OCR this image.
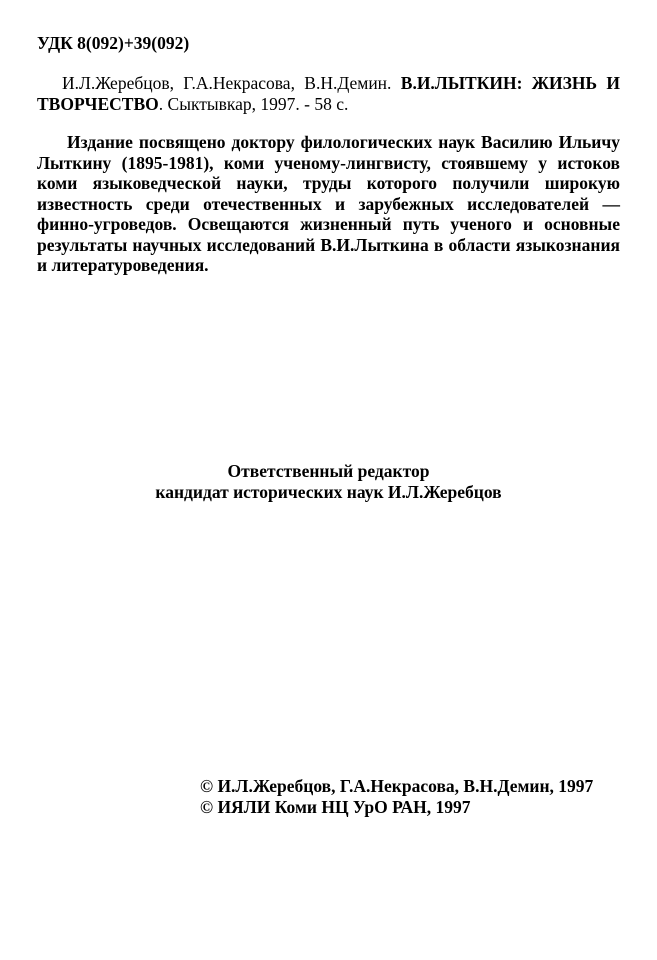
УДК 8(092)+39(092)
И.Л.Жеребцов, Г.А.Некрасова, В.Н.Демин. В.И.ЛЫТКИН: ЖИЗНЬ И ТВОРЧЕСТВО. Сыктывкар, 1997. - 58 с.
Издание посвящено доктору филологических наук Василию Ильичу Лыткину (1895-1981), коми ученому-лингвисту, стоявшему у истоков коми языковедческой науки, труды которого получили широкую известность среди отечественных и зарубежных исследователей — финно-угроведов. Освещаются жизненный путь ученого и основные результаты научных исследований В.И.Лыткина в области языкознания и литературоведения.
Ответственный редактор
кандидат исторических наук И.Л.Жеребцов
© И.Л.Жеребцов, Г.А.Некрасова, В.Н.Демин, 1997
© ИЯЛИ Коми НЦ УрО РАН, 1997
